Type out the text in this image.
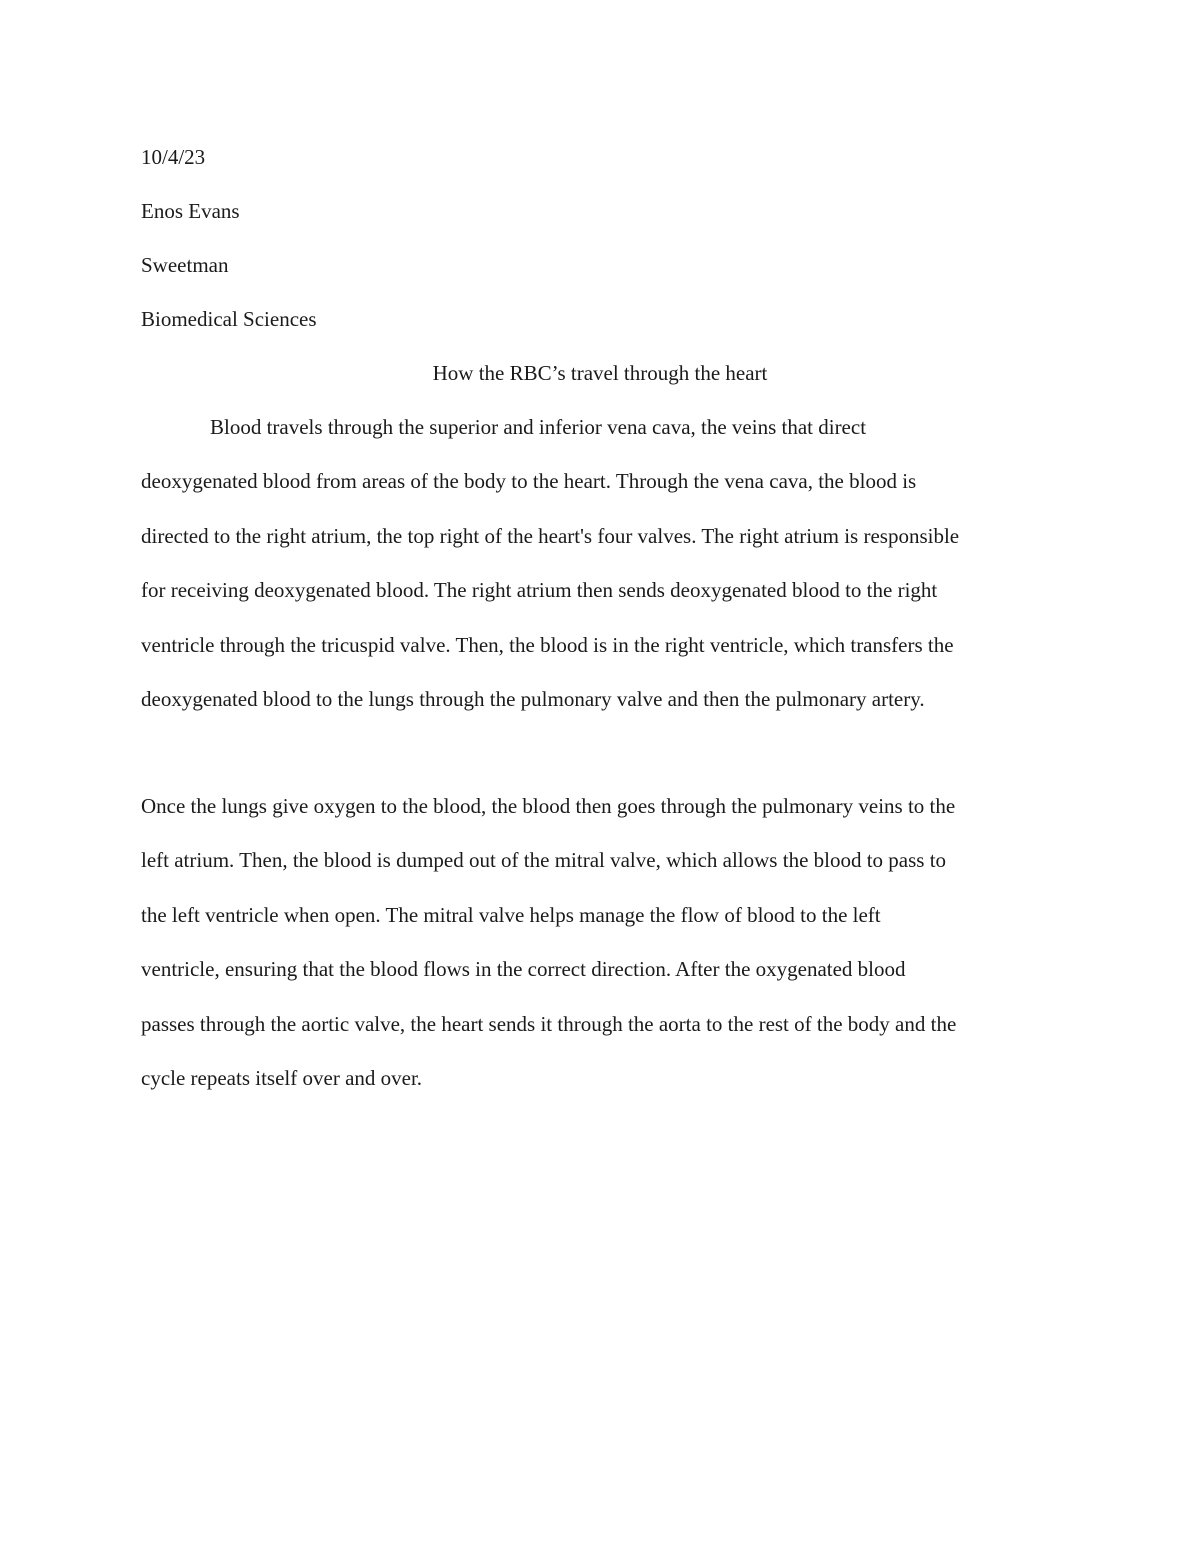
10/4/23
Enos Evans
Sweetman
Biomedical Sciences
How the RBC’s travel through the heart
Blood travels through the superior and inferior vena cava, the veins that direct
deoxygenated blood from areas of the body to the heart. Through the vena cava, the blood is
directed to the right atrium, the top right of the heart's four valves. The right atrium is responsible
for receiving deoxygenated blood. The right atrium then sends deoxygenated blood to the right
ventricle through the tricuspid valve. Then, the blood is in the right ventricle, which transfers the
deoxygenated blood to the lungs through the pulmonary valve and then the pulmonary artery.
Once the lungs give oxygen to the blood, the blood then goes through the pulmonary veins to the
left atrium. Then, the blood is dumped out of the mitral valve, which allows the blood to pass to
the left ventricle when open. The mitral valve helps manage the flow of blood to the left
ventricle, ensuring that the blood flows in the correct direction. After the oxygenated blood
passes through the aortic valve, the heart sends it through the aorta to the rest of the body and the
cycle repeats itself over and over.
